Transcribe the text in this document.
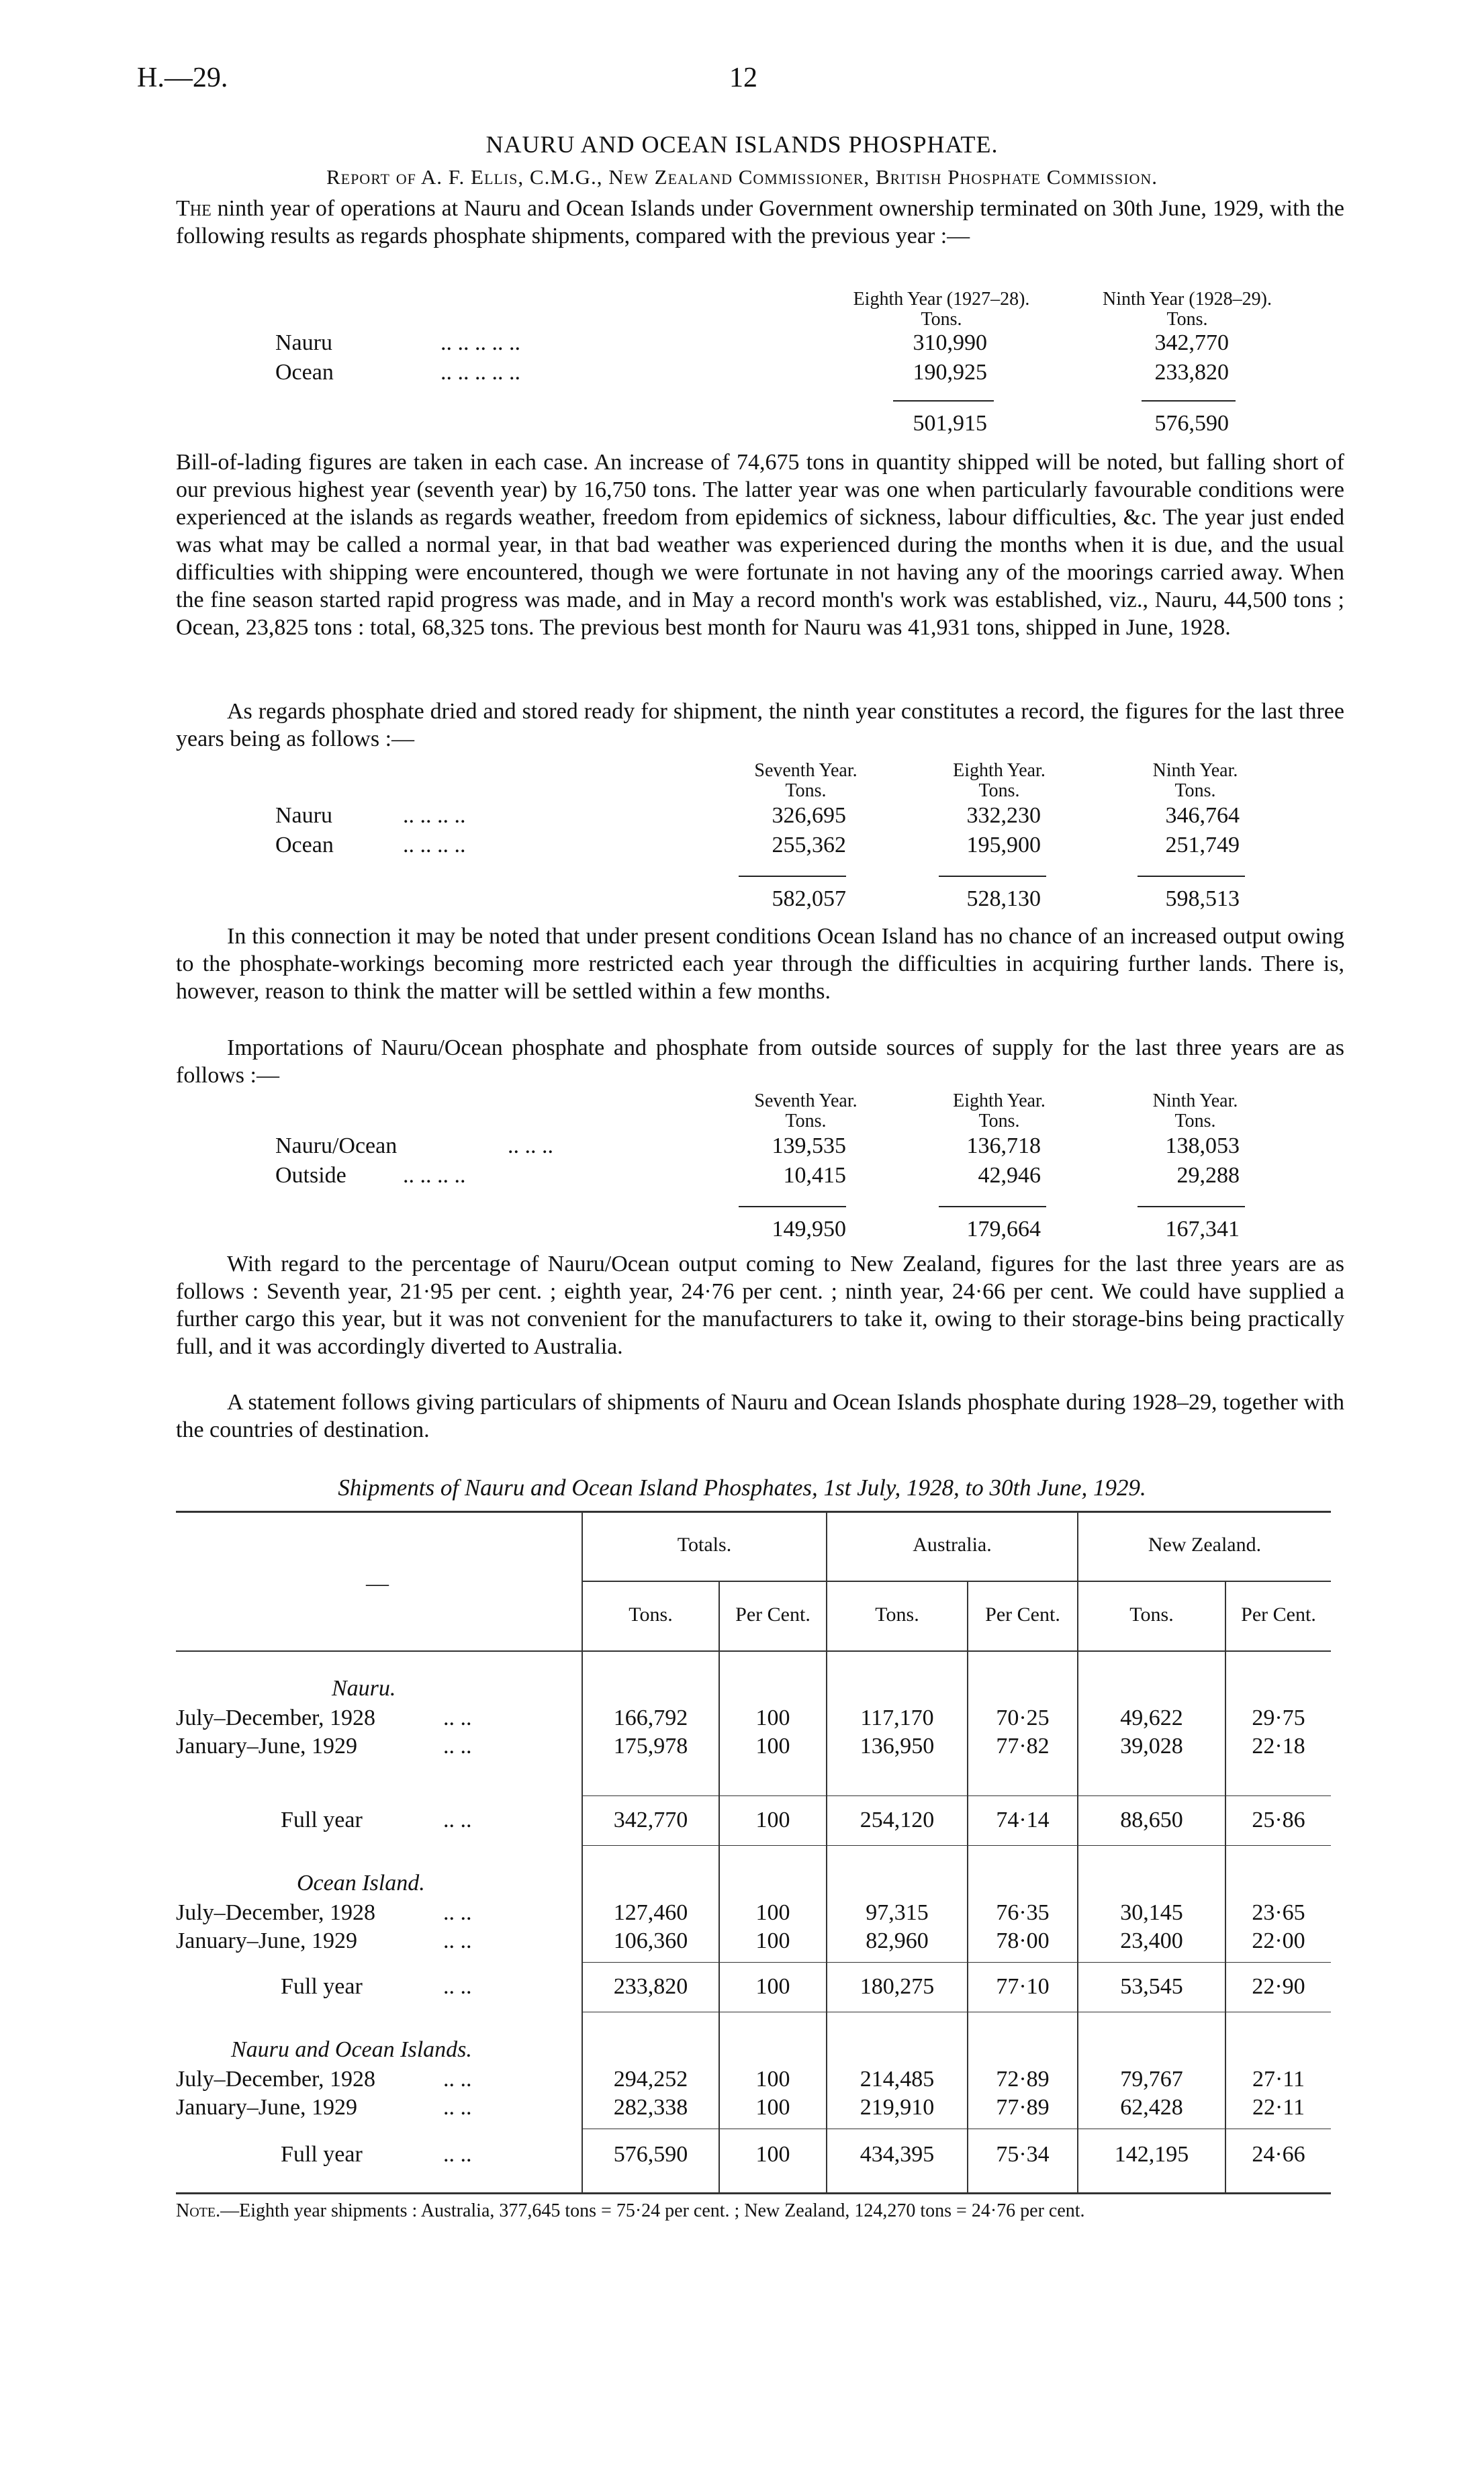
H.—29.	12
NAURU AND OCEAN ISLANDS PHOSPHATE.
Report of A. F. Ellis, C.M.G., New Zealand Commissioner, British Phosphate Commission.
The ninth year of operations at Nauru and Ocean Islands under Government ownership terminated on 30th June, 1929, with the following results as regards phosphate shipments, compared with the previous year :—
Eighth Year (1927–28).	Ninth Year (1928–29).
Tons.	Tons.
Nauru	.. .. .. .. ..	310,990	342,770
Ocean	.. .. .. .. ..	190,925	233,820
501,915	576,590
Bill-of-lading figures are taken in each case. An increase of 74,675 tons in quantity shipped will be noted, but falling short of our previous highest year (seventh year) by 16,750 tons. The latter year was one when particularly favourable conditions were experienced at the islands as regards weather, freedom from epidemics of sickness, labour difficulties, &c. The year just ended was what may be called a normal year, in that bad weather was experienced during the months when it is due, and the usual difficulties with shipping were encountered, though we were fortunate in not having any of the moorings carried away. When the fine season started rapid progress was made, and in May a record month's work was established, viz., Nauru, 44,500 tons ; Ocean, 23,825 tons : total, 68,325 tons. The previous best month for Nauru was 41,931 tons, shipped in June, 1928.
As regards phosphate dried and stored ready for shipment, the ninth year constitutes a record, the figures for the last three years being as follows :—
Seventh Year.	Eighth Year.	Ninth Year.
Tons.	Tons.	Tons.
Nauru	.. .. .. ..	326,695	332,230	346,764
Ocean	.. .. .. ..	255,362	195,900	251,749
582,057	528,130	598,513
In this connection it may be noted that under present conditions Ocean Island has no chance of an increased output owing to the phosphate-workings becoming more restricted each year through the difficulties in acquiring further lands. There is, however, reason to think the matter will be settled within a few months.
Importations of Nauru/Ocean phosphate and phosphate from outside sources of supply for the last three years are as follows :—
Seventh Year.	Eighth Year.	Ninth Year.
Tons.	Tons.	Tons.
Nauru/Ocean	.. .. ..	139,535	136,718	138,053
Outside .. .. .. ..	10,415	42,946	29,288
149,950	179,664	167,341
With regard to the percentage of Nauru/Ocean output coming to New Zealand, figures for the last three years are as follows : Seventh year, 21·95 per cent. ; eighth year, 24·76 per cent. ; ninth year, 24·66 per cent. We could have supplied a further cargo this year, but it was not convenient for the manufacturers to take it, owing to their storage-bins being practically full, and it was accordingly diverted to Australia.
A statement follows giving particulars of shipments of Nauru and Ocean Islands phosphate during 1928–29, together with the countries of destination.
Shipments of Nauru and Ocean Island Phosphates, 1st July, 1928, to 30th June, 1929.
—
Totals.	Australia.	New Zealand.
Tons.	Per Cent.	Tons.	Per Cent.	Tons.	Per Cent.
Nauru.
July–December, 1928	.. ..	166,792	100	117,170	70·25	49,622	29·75
January–June, 1929	.. ..	175,978	100	136,950	77·82	39,028	22·18
Full year	.. ..	342,770	100	254,120	74·14	88,650	25·86
Ocean Island.
July–December, 1928	.. ..	127,460	100	97,315	76·35	30,145	23·65
January–June, 1929	.. ..	106,360	100	82,960	78·00	23,400	22·00
Full year	.. ..	233,820	100	180,275	77·10	53,545	22·90
Nauru and Ocean Islands.
July–December, 1928	.. ..	294,252	100	214,485	72·89	79,767	27·11
January–June, 1929	.. ..	282,338	100	219,910	77·89	62,428	22·11
Full year	.. ..	576,590	100	434,395	75·34	142,195	24·66
Note.—Eighth year shipments : Australia, 377,645 tons = 75·24 per cent. ; New Zealand, 124,270 tons = 24·76 per cent.
